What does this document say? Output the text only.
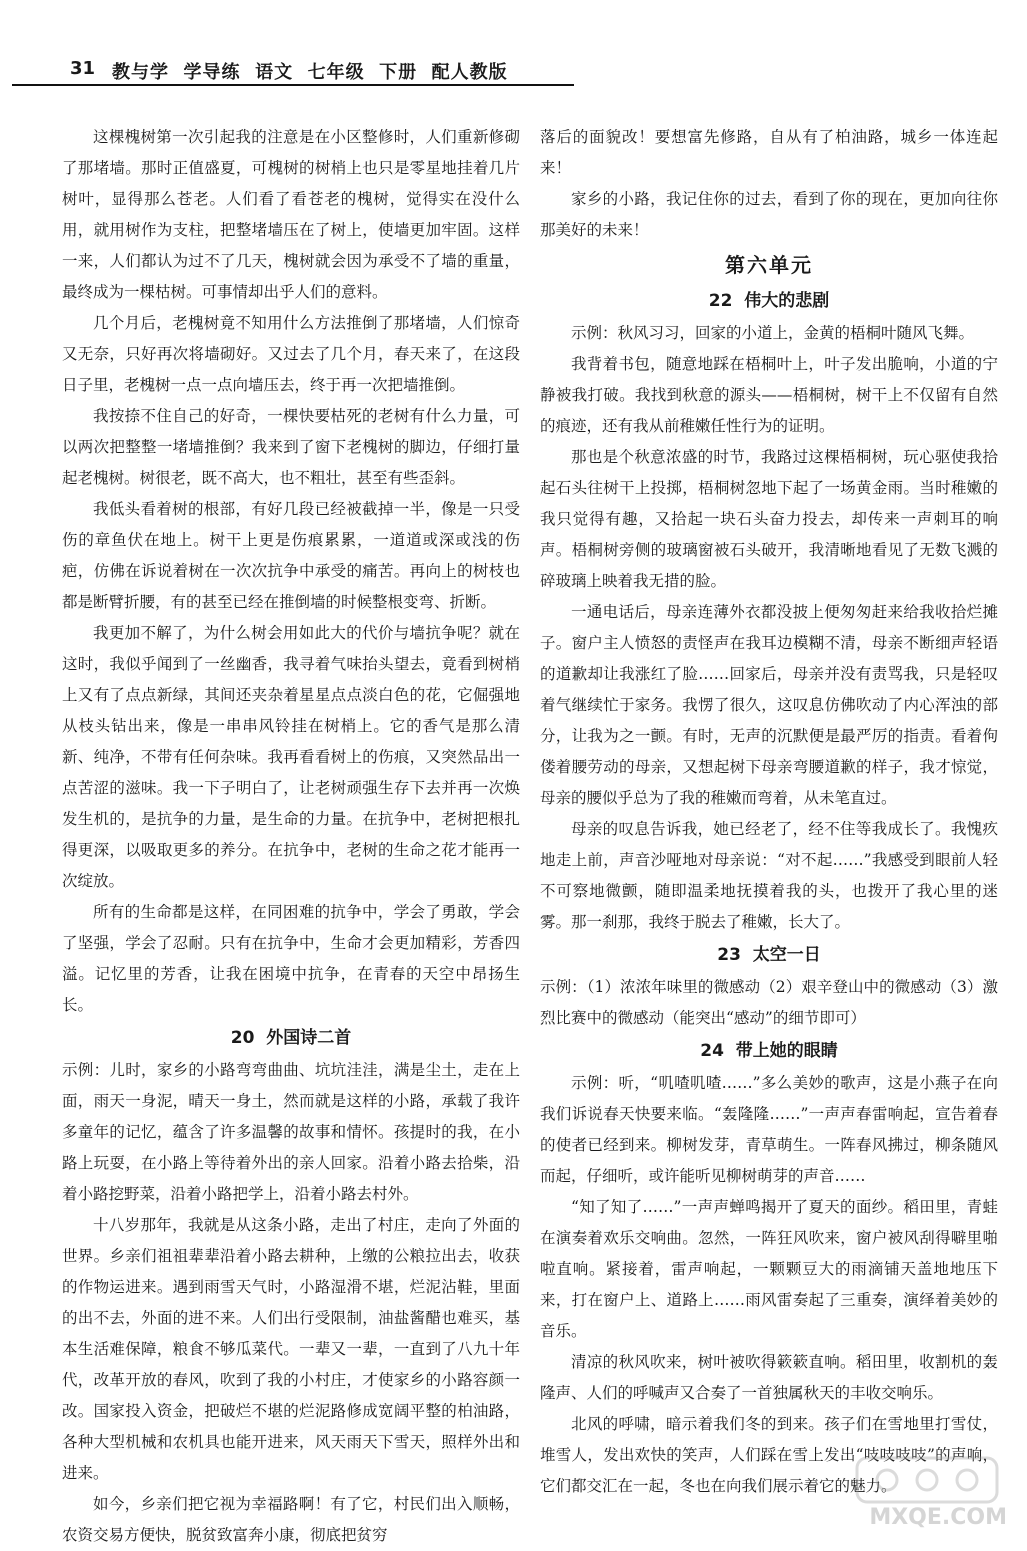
31 教与学  学导练  语文  七年级  下册  配人教版

这棵槐树第一次引起我的注意是在小区整修时，人们重新修砌了那堵墙。那时正值盛夏，可槐树的树梢上也只是零星地挂着几片树叶，显得那么苍老。人们看了看苍老的槐树，觉得实在没什么用，就用树作为支柱，把整堵墙压在了树上，使墙更加牢固。这样一来，人们都认为过不了几天，槐树就会因为承受不了墙的重量，最终成为一棵枯树。可事情却出乎人们的意料。

几个月后，老槐树竟不知用什么方法推倒了那堵墙，人们惊奇又无奈，只好再次将墙砌好。又过去了几个月，春天来了，在这段日子里，老槐树一点一点向墙压去，终于再一次把墙推倒。

我按捺不住自己的好奇，一棵快要枯死的老树有什么力量，可以两次把整整一堵墙推倒？我来到了窗下老槐树的脚边，仔细打量起老槐树。树很老，既不高大，也不粗壮，甚至有些歪斜。

我低头看着树的根部，有好几段已经被截掉一半，像是一只受伤的章鱼伏在地上。树干上更是伤痕累累，一道道或深或浅的伤疤，仿佛在诉说着树在一次次抗争中承受的痛苦。再向上的树枝也都是断臂折腰，有的甚至已经在推倒墙的时候整根变弯、折断。

我更加不解了，为什么树会用如此大的代价与墙抗争呢？就在这时，我似乎闻到了一丝幽香，我寻着气味抬头望去，竟看到树梢上又有了点点新绿，其间还夹杂着星星点点淡白色的花，它倔强地从枝头钻出来，像是一串串风铃挂在树梢上。它的香气是那么清新、纯净，不带有任何杂味。我再看看树上的伤痕，又突然品出一点苦涩的滋味。我一下子明白了，让老树顽强生存下去并再一次焕发生机的，是抗争的力量，是生命的力量。在抗争中，老树把根扎得更深，以吸取更多的养分。在抗争中，老树的生命之花才能再一次绽放。

所有的生命都是这样，在同困难的抗争中，学会了勇敢，学会了坚强，学会了忍耐。只有在抗争中，生命才会更加精彩，芳香四溢。记忆里的芳香，让我在困境中抗争，在青春的天空中昂扬生长。

20  外国诗二首

示例：儿时，家乡的小路弯弯曲曲、坑坑洼洼，满是尘土，走在上面，雨天一身泥，晴天一身土，然而就是这样的小路，承载了我许多童年的记忆，蕴含了许多温馨的故事和情怀。孩提时的我，在小路上玩耍，在小路上等待着外出的亲人回家。沿着小路去拾柴，沿着小路挖野菜，沿着小路把学上，沿着小路去村外。

十八岁那年，我就是从这条小路，走出了村庄，走向了外面的世界。乡亲们祖祖辈辈沿着小路去耕种，上缴的公粮拉出去，收获的作物运进来。遇到雨雪天气时，小路湿滑不堪，烂泥沾鞋，里面的出不去，外面的进不来。人们出行受限制，油盐酱醋也难买，基本生活难保障，粮食不够瓜菜代。一辈又一辈，一直到了八九十年代，改革开放的春风，吹到了我的小村庄，才使家乡的小路容颜一改。国家投入资金，把破烂不堪的烂泥路修成宽阔平整的柏油路，各种大型机械和农机具也能开进来，风天雨天下雪天，照样外出和进来。

如今，乡亲们把它视为幸福路啊！有了它，村民们出入顺畅，农资交易方便快，脱贫致富奔小康，彻底把贫穷

落后的面貌改！要想富先修路，自从有了柏油路，城乡一体连起来！

家乡的小路，我记住你的过去，看到了你的现在，更加向往你那美好的未来！

第六单元
22  伟大的悲剧

示例：秋风习习，回家的小道上，金黄的梧桐叶随风飞舞。

我背着书包，随意地踩在梧桐叶上，叶子发出脆响，小道的宁静被我打破。我找到秋意的源头——梧桐树，树干上不仅留有自然的痕迹，还有我从前稚嫩任性行为的证明。

那也是个秋意浓盛的时节，我路过这棵梧桐树，玩心驱使我拾起石头往树干上投掷，梧桐树忽地下起了一场黄金雨。当时稚嫩的我只觉得有趣，又拾起一块石头奋力投去，却传来一声刺耳的响声。梧桐树旁侧的玻璃窗被石头破开，我清晰地看见了无数飞溅的碎玻璃上映着我无措的脸。

一通电话后，母亲连薄外衣都没披上便匆匆赶来给我收拾烂摊子。窗户主人愤怒的责怪声在我耳边模糊不清，母亲不断细声轻语的道歉却让我涨红了脸……回家后，母亲并没有责骂我，只是轻叹着气继续忙于家务。我愣了很久，这叹息仿佛吹动了内心浑浊的部分，让我为之一颤。有时，无声的沉默便是最严厉的指责。看着佝偻着腰劳动的母亲，又想起树下母亲弯腰道歉的样子，我才惊觉，母亲的腰似乎总为了我的稚嫩而弯着，从未笔直过。

母亲的叹息告诉我，她已经老了，经不住等我成长了。我愧疚地走上前，声音沙哑地对母亲说：“对不起……”我感受到眼前人轻不可察地微颤，随即温柔地抚摸着我的头，也拨开了我心里的迷雾。那一刹那，我终于脱去了稚嫩，长大了。

23  太空一日

示例：（1）浓浓年味里的微感动（2）艰辛登山中的微感动（3）激烈比赛中的微感动（能突出“感动”的细节即可）

24  带上她的眼睛

示例：听，“叽喳叽喳……”多么美妙的歌声，这是小燕子在向我们诉说春天快要来临。“轰隆隆……”一声声春雷响起，宣告着春的使者已经到来。柳树发芽，青草萌生。一阵春风拂过，柳条随风而起，仔细听，或许能听见柳树萌芽的声音……

“知了知了……”一声声蝉鸣揭开了夏天的面纱。稻田里，青蛙在演奏着欢乐交响曲。忽然，一阵狂风吹来，窗户被风刮得噼里啪啦直响。紧接着，雷声响起，一颗颗豆大的雨滴铺天盖地地压下来，打在窗户上、道路上……雨风雷奏起了三重奏，演绎着美妙的音乐。

清凉的秋风吹来，树叶被吹得簌簌直响。稻田里，收割机的轰隆声、人们的呼喊声又合奏了一首独属秋天的丰收交响乐。

北风的呼啸，暗示着我们冬的到来。孩子们在雪地里打雪仗，堆雪人，发出欢快的笑声，人们踩在雪上发出“吱吱吱吱”的声响，它们都交汇在一起，冬也在向我们展示着它的魅力。

MXQE.COM
